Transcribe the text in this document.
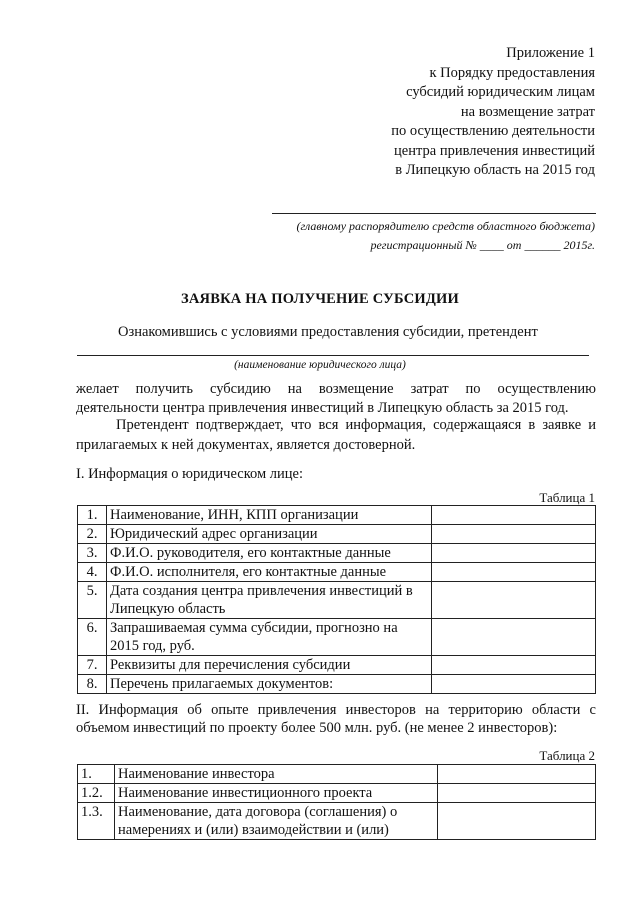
Приложение 1
к Порядку предоставления
субсидий юридическим лицам
на возмещение затрат
по осуществлению деятельности
центра привлечения инвестиций
в Липецкую область на 2015 год
(главному распорядителю средств областного бюджета)
регистрационный № ____ от ______ 2015г.
ЗАЯВКА НА ПОЛУЧЕНИЕ СУБСИДИИ
Ознакомившись с условиями предоставления субсидии, претендент
(наименование юридического лица)
желает получить субсидию на возмещение затрат по осуществлению
деятельности центра привлечения инвестиций в Липецкую область за 2015 год.
Претендент подтверждает, что вся информация, содержащаяся в заявке и
прилагаемых к ней документах, является достоверной.
I. Информация о юридическом лице:
Таблица 1
1.	Наименование, ИНН, КПП организации	
2.	Юридический адрес организации	
3.	Ф.И.О. руководителя, его контактные данные	
4.	Ф.И.О. исполнителя, его контактные данные	
5.	Дата создания центра привлечения инвестиций в Липецкую область	
6.	Запрашиваемая сумма субсидии, прогнозно на 2015 год, руб.	
7.	Реквизиты для перечисления субсидии	
8.	Перечень прилагаемых документов:	
II. Информация об опыте привлечения инвесторов на территорию области с
объемом инвестиций по проекту более 500 млн. руб. (не менее 2 инвесторов):
Таблица 2
1.	Наименование инвестора	
1.2.	Наименование инвестиционного проекта	
1.3.	Наименование, дата договора (соглашения) о намерениях и (или) взаимодействии и (или)	
